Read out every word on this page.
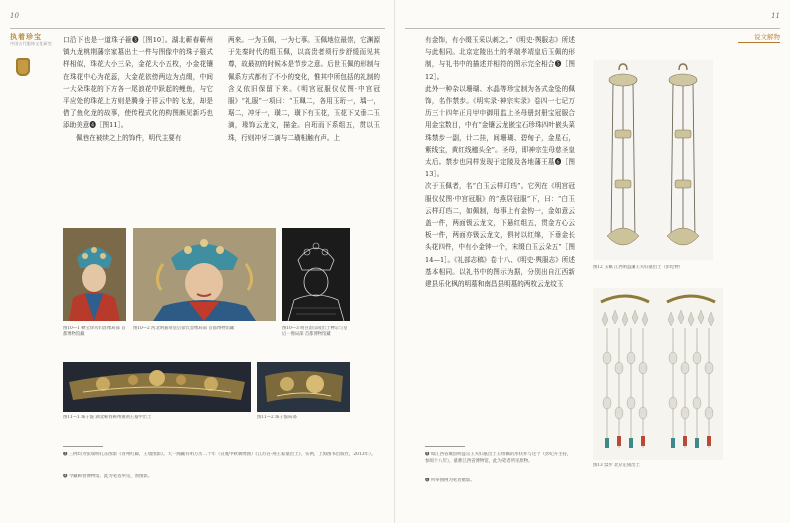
10
执着珍宝
中国古代服饰文化研究	口沿下也是一道珠子箍❸［图10］。湖北蕲春蕲州镇九龙桃荆藩宗家墓出土一件与图像中的珠子箍式样相似，珠花大小三朵，金花大小五枚，小金花镶在珠花中心为花蕊，大金花依傍两边为点缀，中间一大朵珠花的下方各一尾浪花中跃起的鲤鱼，与它平应处的珠花上方则是腾身于祥云中的飞龙，却是借了鱼化龙的故事，使传程式化的构图颇见新巧也添助美意❹［图11］。

佩巷在被续之上的饰件，明代主要有

两来。一为玉佩，一为七事。玉佩地位最崇，它渊源于先秦时代的组玉佩，以高贵者须行步舒缓而见其尊，故最初的时候本是节步之意。后世玉佩的形制与佩系方式都有了不小的变化，惟其中所包括的礼制的含义依旧保留下来。《明宫冠服仪仗图·中宫冠服》“礼服”一项曰：“玉珮二，各用玉珩一，瑀一，琚二，冲牙一，璜二，璜下有玉花，玉花下又垂二玉滴，瑑饰云龙文，描金。自珩而下系组五，贯以玉珠，行则冲牙二滴与二璜相触有声。上
图10—1 彝宝珍夫妇容像局部 首都博物馆藏
图10—2 河北明嘉靖皇后徐氏容像局部 首都博物馆藏	图10—3 明宫韵宗陵出土神宗与皇后一像局部 首都博物馆藏
图11—1 珠子箍 湖北蕲春蕲州镇荆王墓中出土	图11—2 珠子箍局部
❸ 三例均为张瑞明孔东图影《青州红廊，王墙图影》。天一阁藏有明万历二十年（宣胤中秋刺绣图）《江苏宫·荆王家墓出土》，实例，上海图书出版社，2013年）。
❹ 今藏蕲春博物馆，此为笔者所见，原图影。
11
说文解物
有金饰，有小缀玉采以刺之。”《明史·舆服志》所述与此相同。北京定陵出土的孝端孝靖皇后玉佩的形制，与礼书中的描述并相符的图示完全相合❺［图12］。
此外一种杂以珊瑚、水晶等珍宝制为各式金坠的佩饰，名作禁步。《明实录·神宗实录》卷四一七记万历三十四年正月甲申御用监上圣母册封册宝冠服合用金宝数目，中有“金镶云龙嵌宝石珍珠四叶嵌头菜珠禁步一副，计二挂，间珊瑚、碧甸子，金星石，紫线宝，黄红线穗头全”。圣母，即神宗生母慈圣皇太后。禁步也同样发现于定陵及各地藩王墓❻［图13］。
次于玉佩者，名“白玉云样玎珰”。它列在《明宫冠服仪仗图·中宫冠服》的“燕居冠服”下，曰：“白玉云样玎珰二，如佩制，每事上有金钩一，金如意云盖一件，两面钑云龙文，下悬红组五，贯金方心云板一件，两面亦钑云龙文，俱衬以红绵，下垂金长头花四件，中有小金钟一个，末缀白玉云朵五”［图14—1］。《礼部志稿》卷十八、《明史·舆服志》所述基本相同。以礼书中的图示为据，分别出自江西新建县乐化枫的明墓和南昌县明墓的两枚云龙纹玉
图12 玉佩 江西明益藩王夫妇墓出土（彭纪物）
图13 禁步 北京定陵出土
❺ 如江西省城县明益宗王夫妇墓出土玉组佩的形状亦与这个（彭纪卉主持，参阅十八年），墓葬江西省博物馆，此为笔者所见原物。
❻ 所举图例为笔者摄影。
